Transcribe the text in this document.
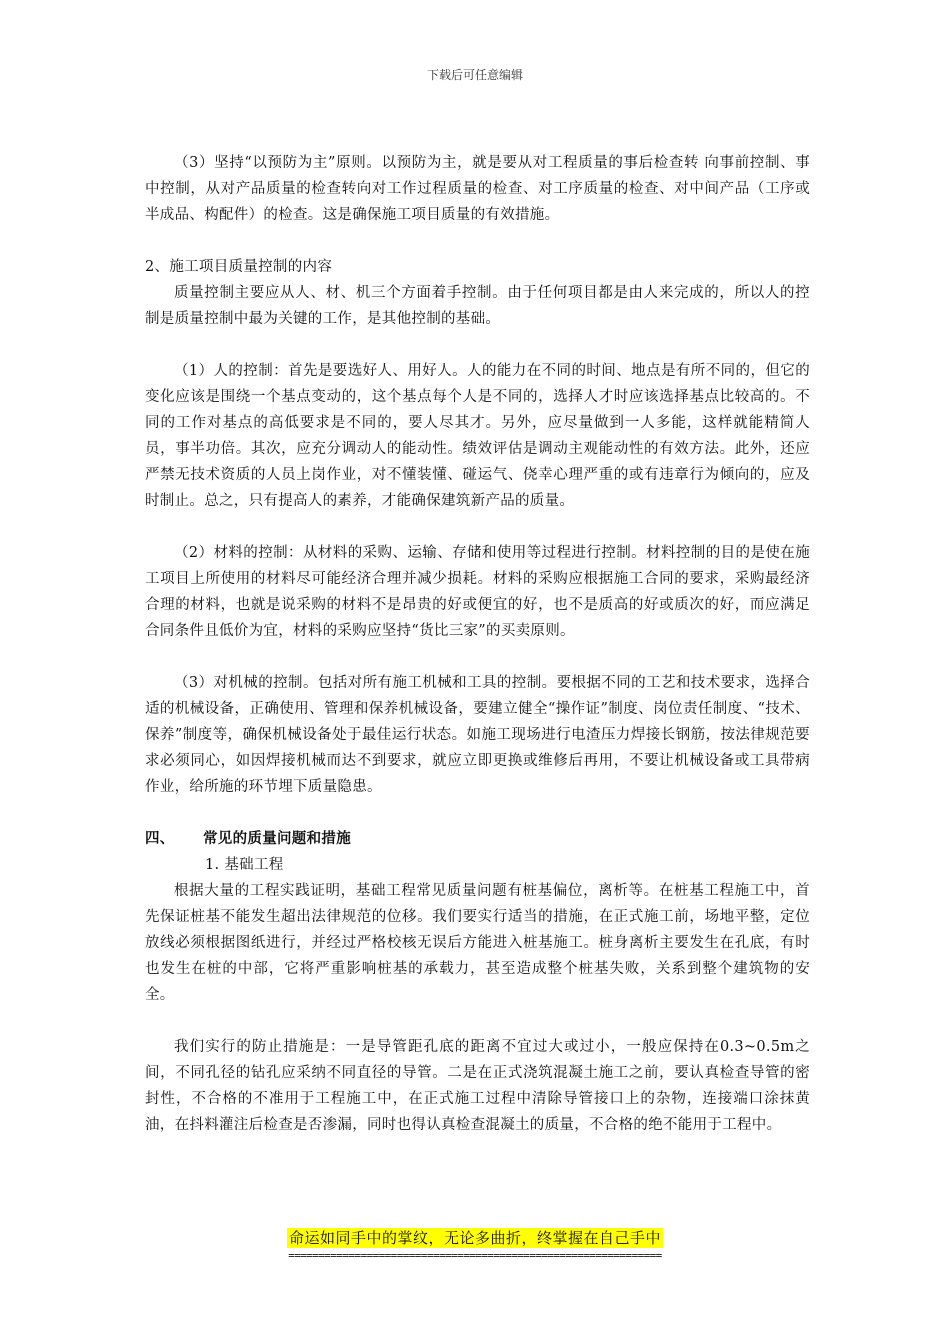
下载后可任意编辑

（3）坚持“以预防为主”原则。以预防为主，就是要从对工程质量的事后检查转 向事前控制、事中控制，从对产品质量的检查转向对工作过程质量的检查、对工序质量的检查、对中间产品（工序或半成品、构配件）的检查。这是确保施工项目质量的有效措施。

2、施工项目质量控制的内容

质量控制主要应从人、材、机三个方面着手控制。由于任何项目都是由人来完成的，所以人的控制是质量控制中最为关键的工作，是其他控制的基础。

（1）人的控制：首先是要选好人、用好人。人的能力在不同的时间、地点是有所不同的，但它的变化应该是围绕一个基点变动的，这个基点每个人是不同的，选择人才时应该选择基点比较高的。不同的工作对基点的高低要求是不同的，要人尽其才。另外，应尽量做到一人多能，这样就能精简人员，事半功倍。其次，应充分调动人的能动性。绩效评估是调动主观能动性的有效方法。此外，还应严禁无技术资质的人员上岗作业，对不懂装懂、碰运气、侥幸心理严重的或有违章行为倾向的，应及时制止。总之，只有提高人的素养，才能确保建筑新产品的质量。

（2）材料的控制：从材料的采购、运输、存储和使用等过程进行控制。材料控制的目的是使在施工项目上所使用的材料尽可能经济合理并减少损耗。材料的采购应根据施工合同的要求，采购最经济合理的材料，也就是说采购的材料不是昂贵的好或便宜的好，也不是质高的好或质次的好，而应满足合同条件且低价为宜，材料的采购应坚持“货比三家”的买卖原则。

（3）对机械的控制。包括对所有施工机械和工具的控制。要根据不同的工艺和技术要求，选择合适的机械设备，正确使用、管理和保养机械设备，要建立健全“操作证”制度、岗位责任制度、“技术、保养”制度等，确保机械设备处于最佳运行状态。如施工现场进行电渣压力焊接长钢筋，按法律规范要求必须同心，如因焊接机械而达不到要求，就应立即更换或维修后再用，不要让机械设备或工具带病作业，给所施的环节埋下质量隐患。

四、 常见的质量问题和措施

1. 基础工程

根据大量的工程实践证明，基础工程常见质量问题有桩基偏位，离析等。在桩基工程施工中，首先保证桩基不能发生超出法律规范的位移。我们要实行适当的措施，在正式施工前，场地平整，定位放线必须根据图纸进行，并经过严格校核无误后方能进入桩基施工。桩身离析主要发生在孔底，有时也发生在桩的中部，它将严重影响桩基的承载力，甚至造成整个桩基失败，关系到整个建筑物的安全。

我们实行的防止措施是：一是导管距孔底的距离不宜过大或过小，一般应保持在0.3~0.5m之间，不同孔径的钻孔应采纳不同直径的导管。二是在正式浇筑混凝土施工之前，要认真检查导管的密封性，不合格的不准用于工程施工中，在正式施工过程中清除导管接口上的杂物，连接端口涂抹黄油，在抖料灌注后检查是否渗漏，同时也得认真检查混凝土的质量，不合格的绝不能用于工程中。

命运如同手中的掌纹，无论多曲折，终掌握在自己手中
==============================================================
